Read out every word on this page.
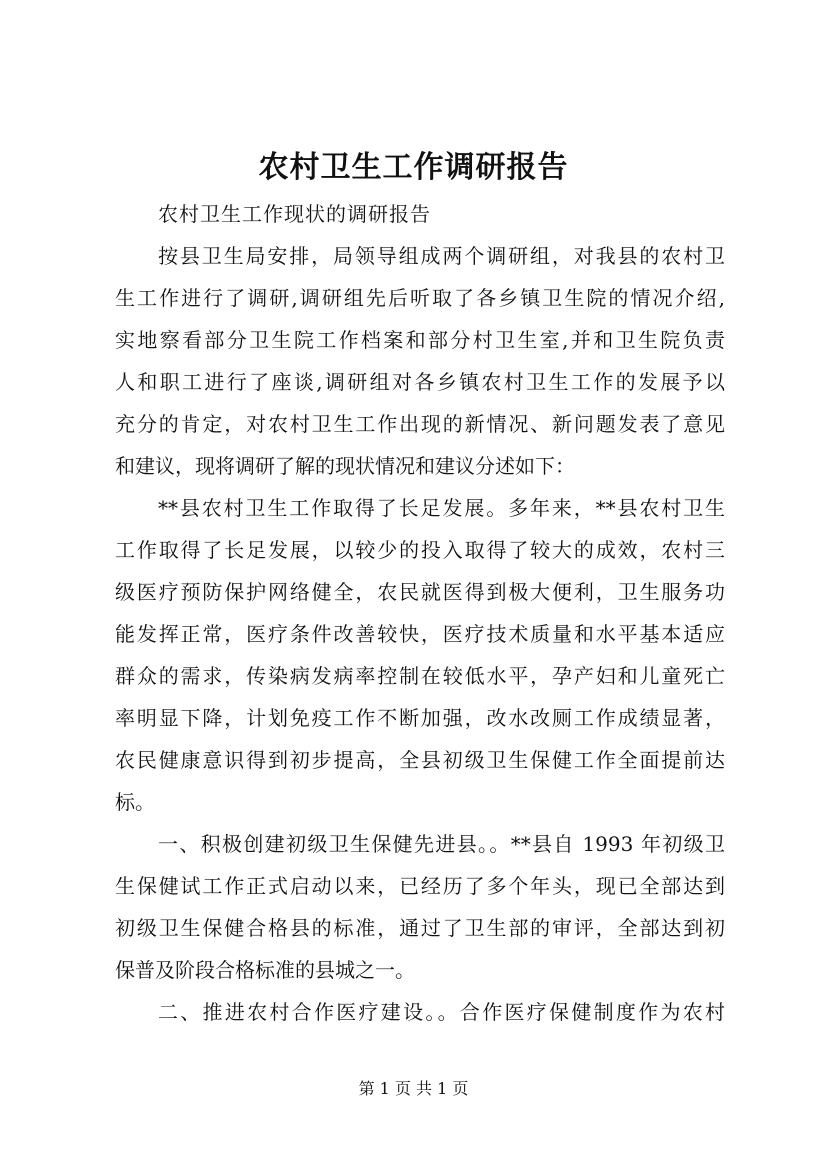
农村卫生工作调研报告
农村卫生工作现状的调研报告
按县卫生局安排，局领导组成两个调研组，对我县的农村卫
生工作进行了调研,调研组先后听取了各乡镇卫生院的情况介绍,
实地察看部分卫生院工作档案和部分村卫生室,并和卫生院负责
人和职工进行了座谈,调研组对各乡镇农村卫生工作的发展予以
充分的肯定，对农村卫生工作出现的新情况、新问题发表了意见
和建议，现将调研了解的现状情况和建议分述如下：
**县农村卫生工作取得了长足发展。多年来，**县农村卫生
工作取得了长足发展，以较少的投入取得了较大的成效，农村三
级医疗预防保护网络健全，农民就医得到极大便利，卫生服务功
能发挥正常，医疗条件改善较快，医疗技术质量和水平基本适应
群众的需求，传染病发病率控制在较低水平，孕产妇和儿童死亡
率明显下降，计划免疫工作不断加强，改水改厕工作成绩显著，
农民健康意识得到初步提高，全县初级卫生保健工作全面提前达
标。
一、积极创建初级卫生保健先进县。。**县自 1993 年初级卫
生保健试工作正式启动以来，已经历了多个年头，现已全部达到
初级卫生保健合格县的标准，通过了卫生部的审评，全部达到初
保普及阶段合格标准的县城之一。
二、推进农村合作医疗建设。。合作医疗保健制度作为农村
第 1 页 共 1 页
